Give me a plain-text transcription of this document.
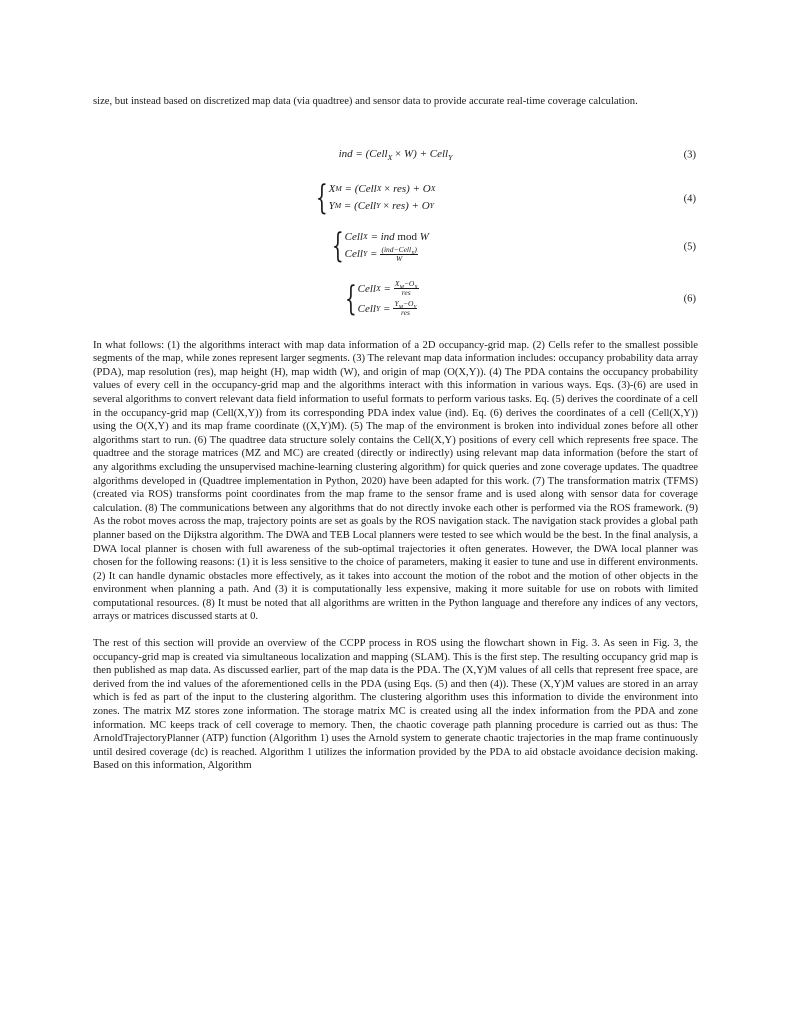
size, but instead based on discretized map data (via quadtree) and sensor data to provide accurate real-time coverage calculation.

ind = (Cell$_X$ × W) + Cell$_Y$	(3)
{ X M = (Cell X × res) + O X
Y M = (Cell Y × res) + O Y
(4)
{ Cell X = ind mod W
Cell $Y = \frac{(ind-Cell_X)}{W}$	(5)
{ Cell $X = \frac{X_M-O_X}{\text{res}}$
Cell $Y = \frac{Y_M-O_Y}{\text{res}}$
(6)

In what follows: (1) the algorithms interact with map data information of a 2D occupancy-grid map. (2) Cells refer to the smallest possible segments of the map, while zones represent larger segments. (3) The relevant map data information includes: occupancy probability data array (PDA), map resolution (res), map height (H), map width (W), and origin of map (O(X,Y)). (4) The PDA contains the occupancy probability values of every cell in the occupancy-grid map and the algorithms interact with this information in various ways. Eqs. (3)-(6) are used in several algorithms to convert relevant data field information to useful formats to perform various tasks. Eq. (5) derives the coordinate of a cell in the occupancy-grid map (Cell(X,Y)) from its corresponding PDA index value (ind). Eq. (6) derives the coordinates of a cell (Cell(X,Y)) using the O(X,Y) and its map frame coordinate ((X,Y)M). (5) The map of the environment is broken into individual zones before all other algorithms start to run. (6) The quadtree data structure solely contains the Cell(X,Y) positions of every cell which represents free space. The quadtree and the storage matrices (MZ and MC) are created (directly or indirectly) using relevant map data information (before the start of any algorithms excluding the unsupervised machine-learning clustering algorithm) for quick queries and zone coverage updates. The quadtree algorithms developed in (Quadtree implementation in Python, 2020) have been adapted for this work. (7) The transformation matrix (TFMS) (created via ROS) transforms point coordinates from the map frame to the sensor frame and is used along with sensor data for coverage calculation. (8) The communications between any algorithms that do not directly invoke each other is performed via the ROS framework. (9) As the robot moves across the map, trajectory points are set as goals by the ROS navigation stack. The navigation stack provides a global path planner based on the Dijkstra algorithm. The DWA and TEB Local planners were tested to see which would be the best. In the final analysis, a DWA local planner is chosen with full awareness of the sub-optimal trajectories it often generates. However, the DWA local planner was chosen for the following reasons: (1) it is less sensitive to the choice of parameters, making it easier to tune and use in different environments. (2) It can handle dynamic obstacles more effectively, as it takes into account the motion of the robot and the motion of other objects in the environment when planning a path. And (3) it is computationally less expensive, making it more suitable for use on robots with limited computational resources. (8) It must be noted that all algorithms are written in the Python language and therefore any indices of any vectors, arrays or matrices discussed starts at 0.

The rest of this section will provide an overview of the CCPP process in ROS using the flowchart shown in Fig. 3. As seen in Fig. 3, the occupancy-grid map is created via simultaneous localization and mapping (SLAM). This is the first step. The resulting occupancy grid map is then published as map data. As discussed earlier, part of the map data is the PDA. The (X,Y)M values of all cells that represent free space, are derived from the ind values of the aforementioned cells in the PDA (using Eqs. (5) and then (4)). These (X,Y)M values are stored in an array which is fed as part of the input to the clustering algorithm. The clustering algorithm uses this information to divide the environment into zones. The matrix MZ stores zone information. The storage matrix MC is created using all the index information from the PDA and zone information. MC keeps track of cell coverage to memory. Then, the chaotic coverage path planning procedure is carried out as thus: The ArnoldTrajectoryPlanner (ATP) function (Algorithm 1) uses the Arnold system to generate chaotic trajectories in the map frame continuously until desired coverage (dc) is reached. Algorithm 1 utilizes the information provided by the PDA to aid obstacle avoidance decision making. Based on this information, Algorithm
